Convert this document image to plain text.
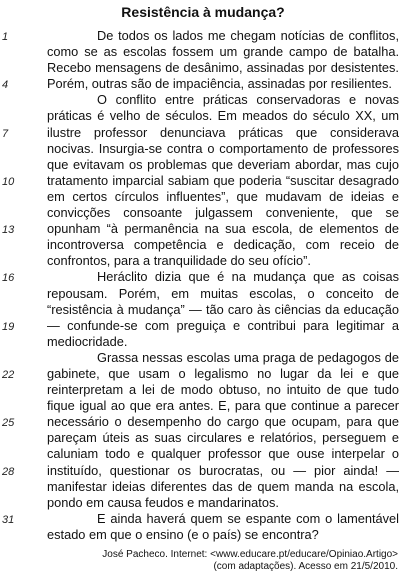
Resistência à mudança?
1	De todos os lados me chegam notícias de conflitos,
como se as escolas fossem um grande campo de batalha.
Recebo mensagens de desânimo, assinadas por desistentes.
4	Porém, outras são de impaciência, assinadas por resilientes.
O conflito entre práticas conservadoras e novas
práticas é velho de séculos. Em meados do século XX, um
7	ilustre professor denunciava práticas que considerava
nocivas. Insurgia-se contra o comportamento de professores
que evitavam os problemas que deveriam abordar, mas cujo
10	tratamento imparcial sabiam que poderia “suscitar desagrado
em certos círculos influentes”, que mudavam de ideias e
convicções consoante julgassem conveniente, que se
13	opunham “à permanência na sua escola, de elementos de
incontroversa competência e dedicação, com receio de
confrontos, para a tranquilidade do seu ofício”.
16	Heráclito dizia que é na mudança que as coisas
repousam. Porém, em muitas escolas, o conceito de
“resistência à mudança” — tão caro às ciências da educação
19	— confunde-se com preguiça e contribui para legitimar a
mediocridade.
Grassa nessas escolas uma praga de pedagogos de
22	gabinete, que usam o legalismo no lugar da lei e que
reinterpretam a lei de modo obtuso, no intuito de que tudo
fique igual ao que era antes. E, para que continue a parecer
25	necessário o desempenho do cargo que ocupam, para que
pareçam úteis as suas circulares e relatórios, perseguem e
caluniam todo e qualquer professor que ouse interpelar o
28	instituído, questionar os burocratas, ou — pior ainda! —
manifestar ideias diferentes das de quem manda na escola,
pondo em causa feudos e mandarinatos.
31	E ainda haverá quem se espante com o lamentável
estado em que o ensino (e o país) se encontra?
José Pacheco. Internet: <www.educare.pt/educare/Opiniao.Artigo>
(com adaptações). Acesso em 21/5/2010.
